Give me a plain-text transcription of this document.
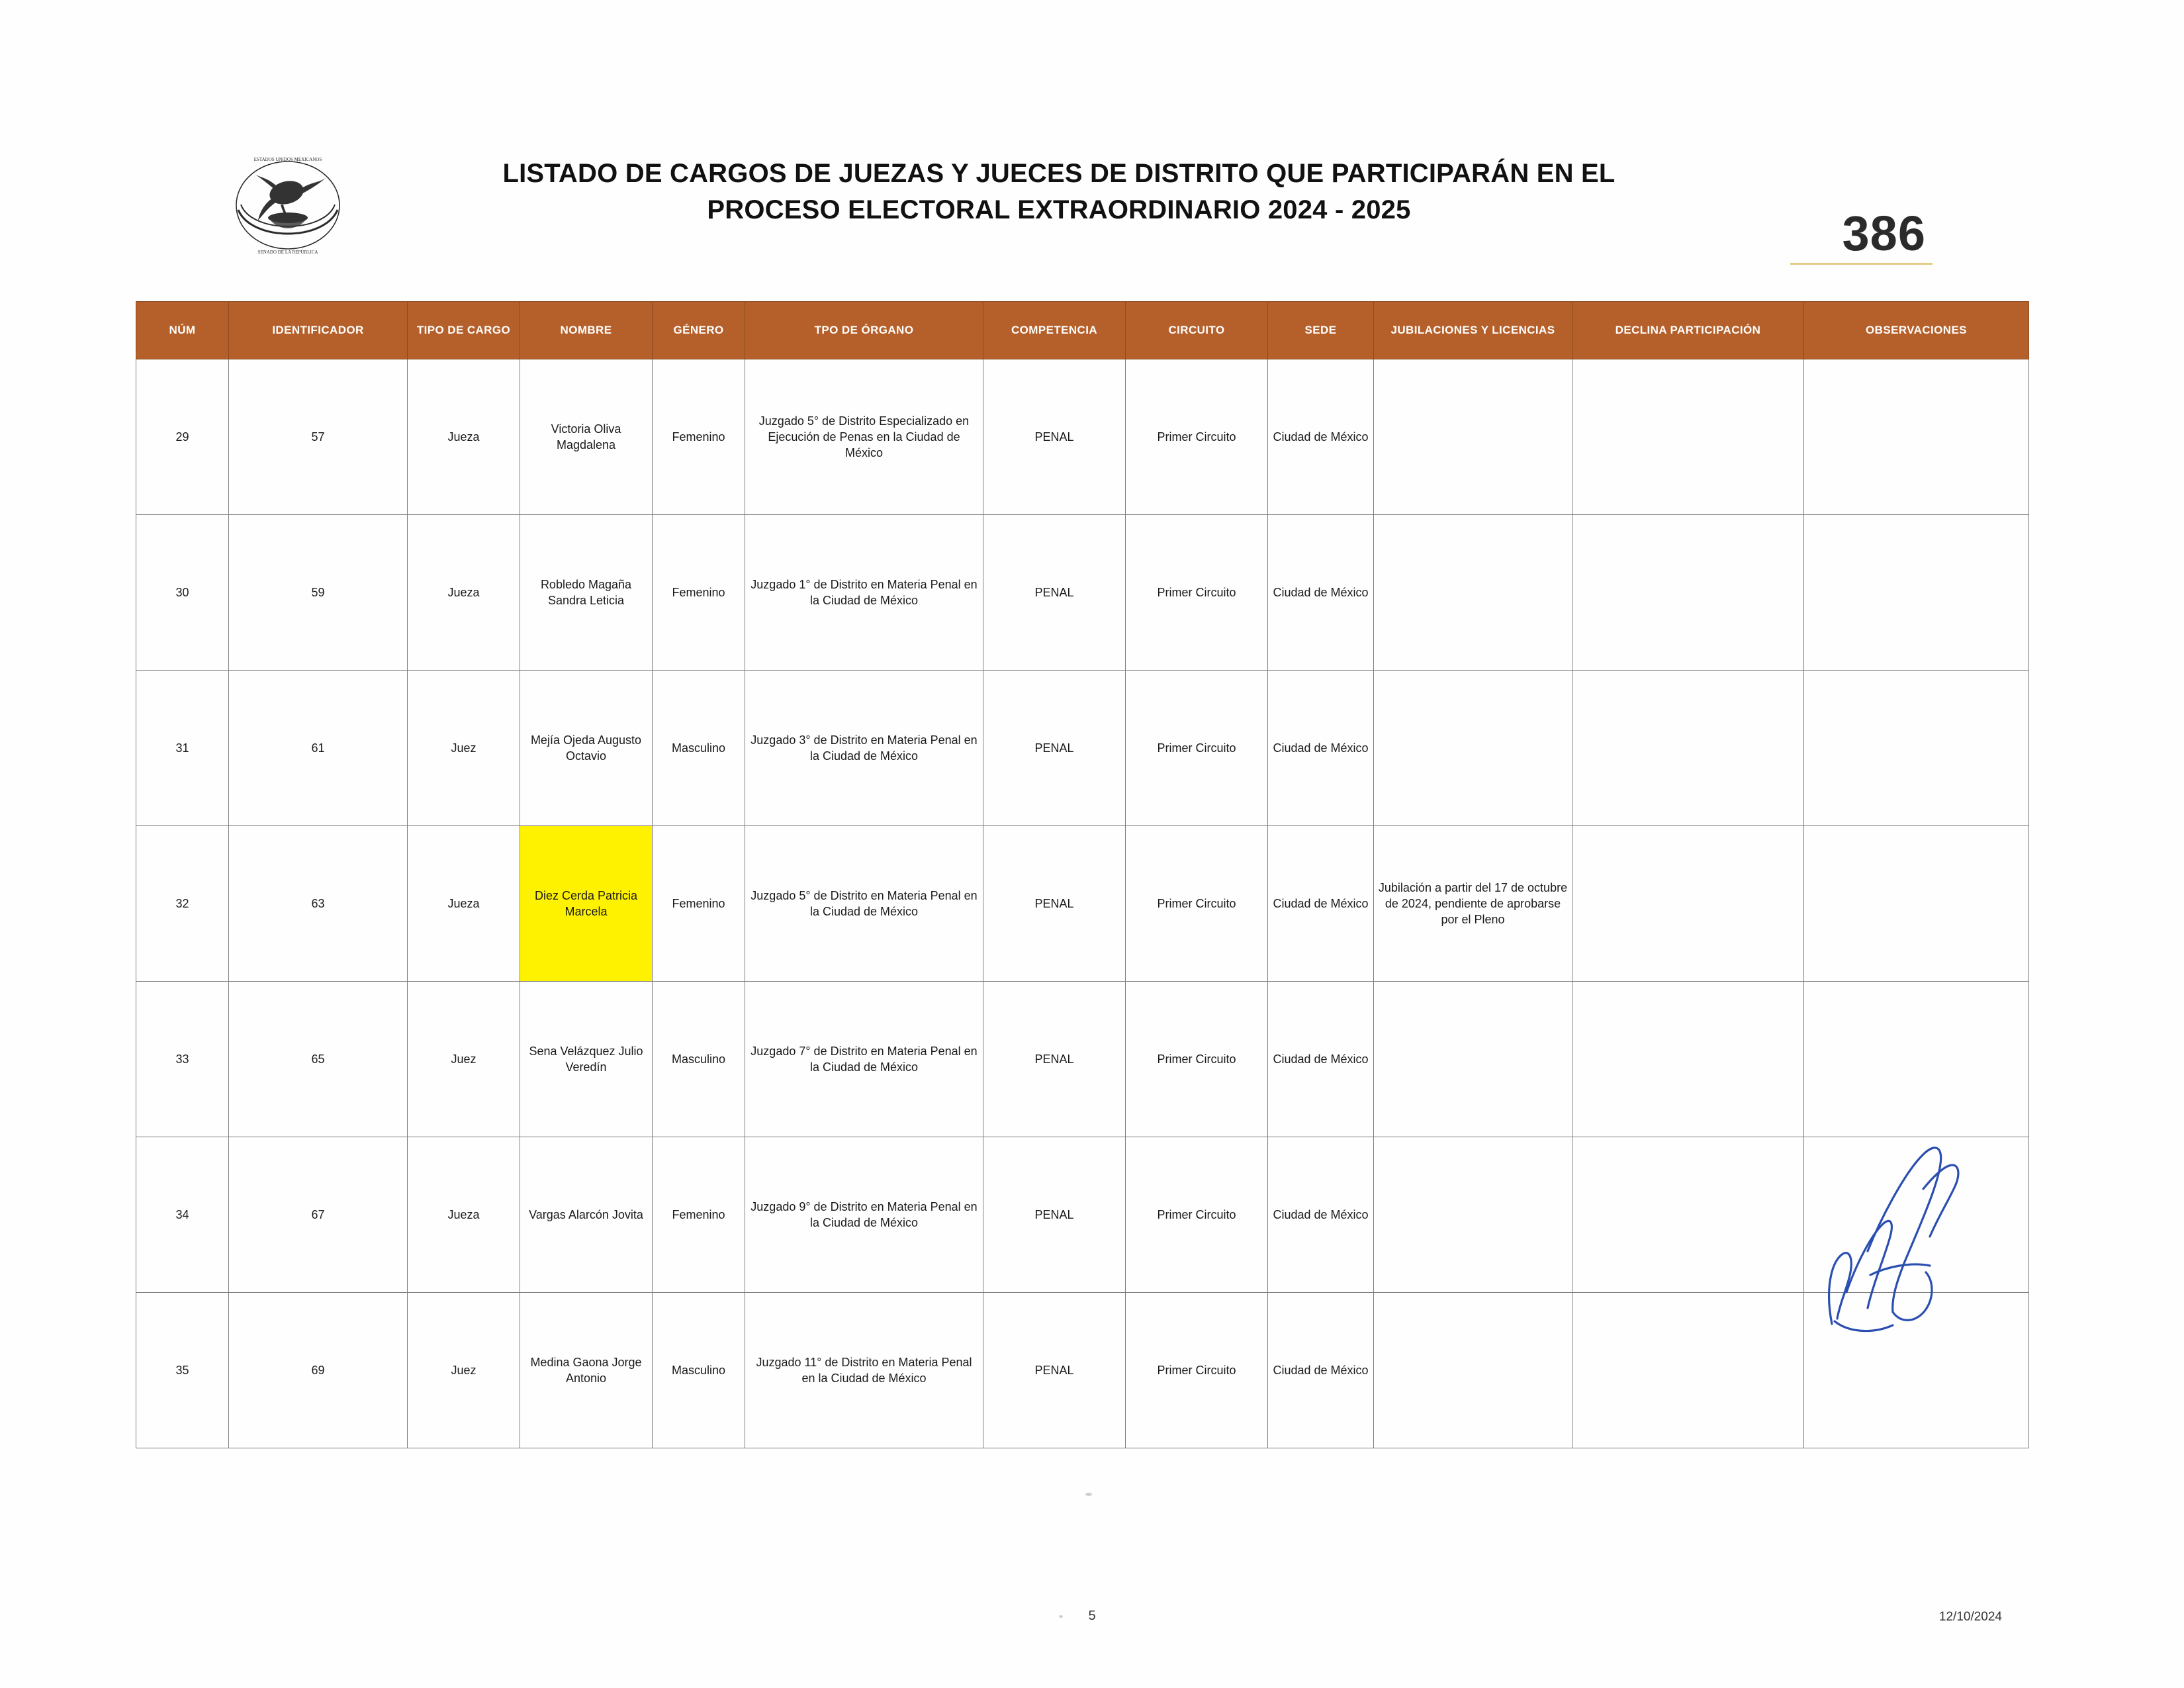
ESTADOS UNIDOS MEXICANOS
SENADO DE LA REPÚBLICA
LISTADO DE CARGOS DE JUEZAS Y JUECES DE DISTRITO QUE PARTICIPARÁN EN EL
PROCESO ELECTORAL EXTRAORDINARIO 2024 - 2025	386
NÚM	IDENTIFICADOR	TIPO DE CARGO	NOMBRE	GÉNERO	TPO DE ÓRGANO	COMPETENCIA	CIRCUITO	SEDE	JUBILACIONES Y LICENCIAS	DECLINA PARTICIPACIÓN	OBSERVACIONES
29	57	Jueza	Victoria Oliva Magdalena	Femenino	Juzgado 5° de Distrito Especializado en Ejecución de Penas en la Ciudad de México	PENAL	Primer Circuito	Ciudad de México			
30	59	Jueza	Robledo Magaña Sandra Leticia	Femenino	Juzgado 1° de Distrito en Materia Penal en la Ciudad de México	PENAL	Primer Circuito	Ciudad de México			
31	61	Juez	Mejía Ojeda Augusto Octavio	Masculino	Juzgado 3° de Distrito en Materia Penal en la Ciudad de México	PENAL	Primer Circuito	Ciudad de México			
32	63	Jueza	Diez Cerda Patricia Marcela	Femenino	Juzgado 5° de Distrito en Materia Penal en la Ciudad de México	PENAL	Primer Circuito	Ciudad de México	Jubilación a partir del 17 de octubre de 2024, pendiente de aprobarse por el Pleno		
33	65	Juez	Sena Velázquez Julio Veredín	Masculino	Juzgado 7° de Distrito en Materia Penal en la Ciudad de México	PENAL	Primer Circuito	Ciudad de México			
34	67	Jueza	Vargas Alarcón Jovita	Femenino	Juzgado 9° de Distrito en Materia Penal en la Ciudad de México	PENAL	Primer Circuito	Ciudad de México			
35	69	Juez	Medina Gaona Jorge Antonio	Masculino	Juzgado 11° de Distrito en Materia Penal en la Ciudad de México	PENAL	Primer Circuito	Ciudad de México			
5	12/10/2024
